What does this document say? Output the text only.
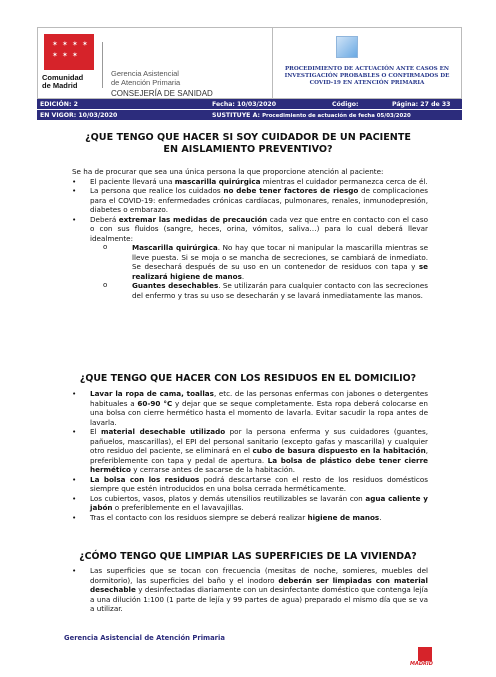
✶ ✶ ✶ ✶
✶ ✶ ✶
Comunidad
de Madrid
Gerencia Asistencial
de Atención Primaria
CONSEJERÍA DE SANIDAD
PROCEDIMIENTO DE ACTUACIÓN ANTE CASOS EN INVESTIGACIÓN PROBABLES O CONFIRMADOS DE COVID-19 EN ATENCIÓN PRIMARIA
EDICIÓN: 2	Fecha: 10/03/2020	Código:	Página: 27 de 33
EN VIGOR: 10/03/2020	SUSTITUYE A: Procedimiento de actuación de fecha 05/03/2020
¿QUE TENGO QUE HACER SI SOY CUIDADOR DE UN PACIENTE
EN AISLAMIENTO PREVENTIVO?

Se ha de procurar que sea una única persona la que proporcione atención al paciente:

• El paciente llevará una mascarilla quirúrgica mientras el cuidador permanezca cerca de él.

• La persona que realice los cuidados no debe tener factores de riesgo de complicaciones para el COVID-19: enfermedades crónicas cardíacas, pulmonares, renales, inmunodepresión, diabetes o embarazo.

• Deberá extremar las medidas de precaución cada vez que entre en contacto con el caso o con sus fluidos (sangre, heces, orina, vómitos, saliva…) para lo cual deberá llevar idealmente:

o	Mascarilla quirúrgica. No hay que tocar ni manipular la mascarilla mientras se lleve puesta. Si se moja o se mancha de secreciones, se cambiará de inmediato. Se desechará después de su uso en un contenedor de residuos con tapa y se realizará higiene de manos.

o	Guantes desechables. Se utilizarán para cualquier contacto con las secreciones del enfermo y tras su uso se desecharán y se lavará inmediatamente las manos.

¿QUE TENGO QUE HACER CON LOS RESIDUOS EN EL DOMICILIO?

• Lavar la ropa de cama, toallas, etc. de las personas enfermas con jabones o detergentes habituales a 60-90 °C y dejar que se seque completamente. Esta ropa deberá colocarse en una bolsa con cierre hermético hasta el momento de lavarla. Evitar sacudir la ropa antes de lavarla.

• El material desechable utilizado por la persona enferma y sus cuidadores (guantes, pañuelos, mascarillas), el EPI del personal sanitario (excepto gafas y mascarilla) y cualquier otro residuo del paciente, se eliminará en el cubo de basura dispuesto en la habitación, preferiblemente con tapa y pedal de apertura. La bolsa de plástico debe tener cierre hermético y cerrarse antes de sacarse de la habitación.

• La bolsa con los residuos podrá descartarse con el resto de los residuos domésticos siempre que estén introducidos en una bolsa cerrada herméticamente.

• Los cubiertos, vasos, platos y demás utensilios reutilizables se lavarán con agua caliente y jabón o preferiblemente en el lavavajillas.

• Tras el contacto con los residuos siempre se deberá realizar higiene de manos.

¿CÓMO TENGO QUE LIMPIAR LAS SUPERFICIES DE LA VIVIENDA?

• Las superficies que se tocan con frecuencia (mesitas de noche, somieres, muebles del dormitorio), las superficies del baño y el inodoro deberán ser limpiadas con material desechable y desinfectadas diariamente con un desinfectante doméstico que contenga lejía a una dilución 1:100 (1 parte de lejía y 99 partes de agua) preparado el mismo día que se va a utilizar.

Gerencia Asistencial de Atención Primaria
MADRID
